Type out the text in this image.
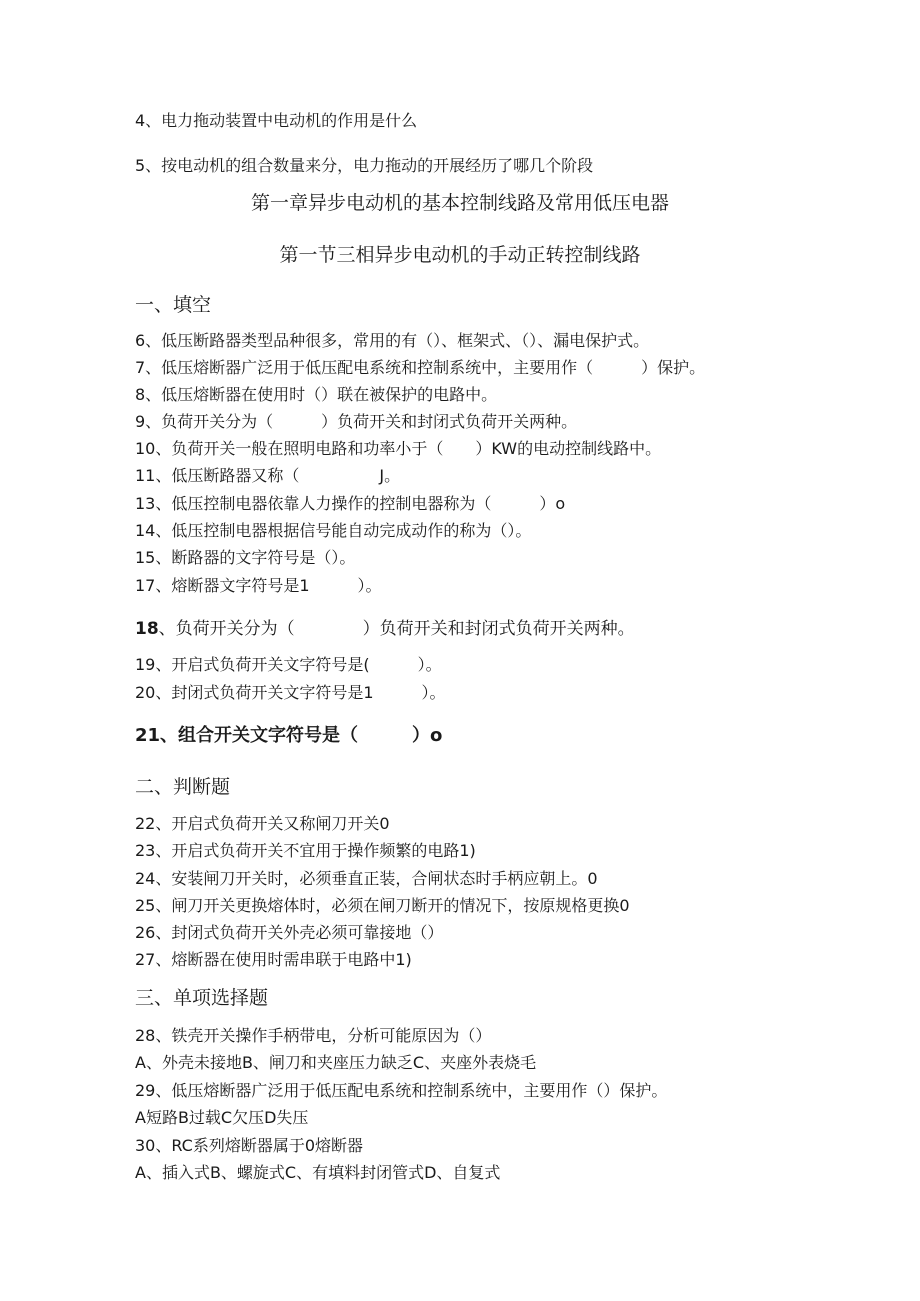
4、电力拖动装置中电动机的作用是什么
5、按电动机的组合数量来分，电力拖动的开展经历了哪几个阶段
第一章异步电动机的基本控制线路及常用低压电器
第一节三相异步电动机的手动正转控制线路
一、填空
6、低压断路器类型品种很多，常用的有（）、框架式、（）、漏电保护式。
7、低压熔断器广泛用于低压配电系统和控制系统中，主要用作（　　　）保护。
8、低压熔断器在使用时（）联在被保护的电路中。
9、负荷开关分为（　　　）负荷开关和封闭式负荷开关两种。
10、负荷开关一般在照明电路和功率小于（　　）KW的电动控制线路中。
11、低压断路器又称（　　　　　J。
13、低压控制电器依靠人力操作的控制电器称为（　　　）o
14、低压控制电器根据信号能自动完成动作的称为（）。
15、断路器的文字符号是（）。
17、熔断器文字符号是1　　　）。
18、负荷开关分为（　　　　）负荷开关和封闭式负荷开关两种。
19、开启式负荷开关文字符号是(　　　）。
20、封闭式负荷开关文字符号是1　　　）。
21、组合开关文字符号是（　　　）o
二、判断题
22、开启式负荷开关又称闸刀开关0
23、开启式负荷开关不宜用于操作频繁的电路1)
24、安装闸刀开关时，必须垂直正装，合闸状态时手柄应朝上。0
25、闸刀开关更换熔体时，必须在闸刀断开的情况下，按原规格更换0
26、封闭式负荷开关外壳必须可靠接地（）
27、熔断器在使用时需串联于电路中1)
三、单项选择题
28、铁壳开关操作手柄带电，分析可能原因为（）
A、外壳未接地B、闸刀和夹座压力缺乏C、夹座外表烧毛
29、低压熔断器广泛用于低压配电系统和控制系统中，主要用作（）保护。
A短路B过载C欠压D失压
30、RC系列熔断器属于0熔断器
A、插入式B、螺旋式C、有填料封闭管式D、自复式
